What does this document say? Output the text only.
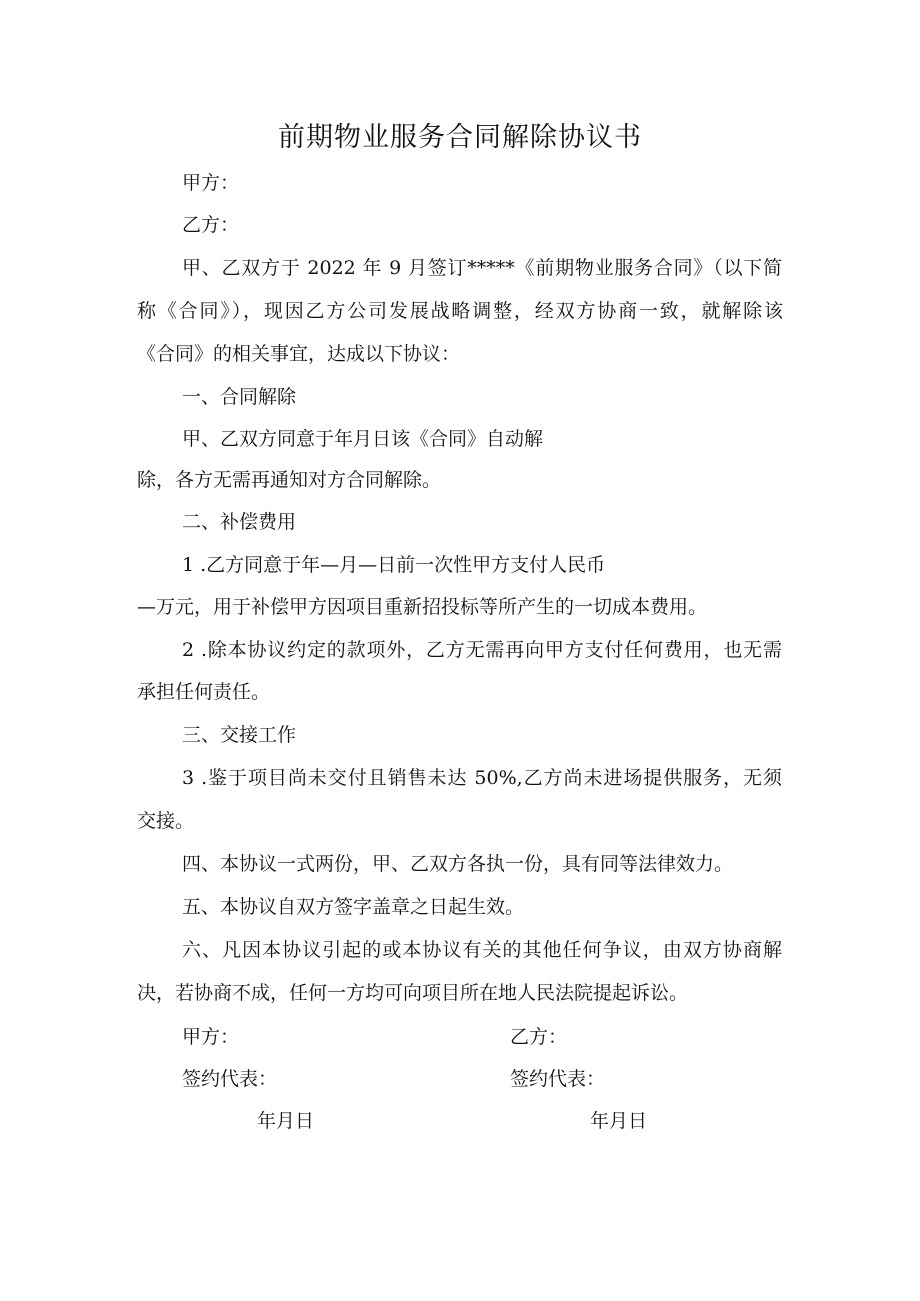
前期物业服务合同解除协议书

甲方：

乙方：

甲、乙双方于 2022 年 9 月签订*****《前期物业服务合同》（以下简

称《合同》），现因乙方公司发展战略调整，经双方协商一致，就解除该

《合同》的相关事宜，达成以下协议：

一、合同解除

甲、乙双方同意于年月日该《合同》自动解

除，各方无需再通知对方合同解除。

二、补偿费用

1 .乙方同意于年—月—日前一次性甲方支付人民币

—万元，用于补偿甲方因项目重新招投标等所产生的一切成本费用。

2 .除本协议约定的款项外，乙方无需再向甲方支付任何费用，也无需

承担任何责任。

三、交接工作

3 .鉴于项目尚未交付且销售未达 50%,乙方尚未进场提供服务，无须

交接。

四、本协议一式两份，甲、乙双方各执一份，具有同等法律效力。

五、本协议自双方签字盖章之日起生效。

六、凡因本协议引起的或本协议有关的其他任何争议，由双方协商解

决，若协商不成，任何一方均可向项目所在地人民法院提起诉讼。

甲方：	乙方：

签约代表：	签约代表：

年月日	年月日
